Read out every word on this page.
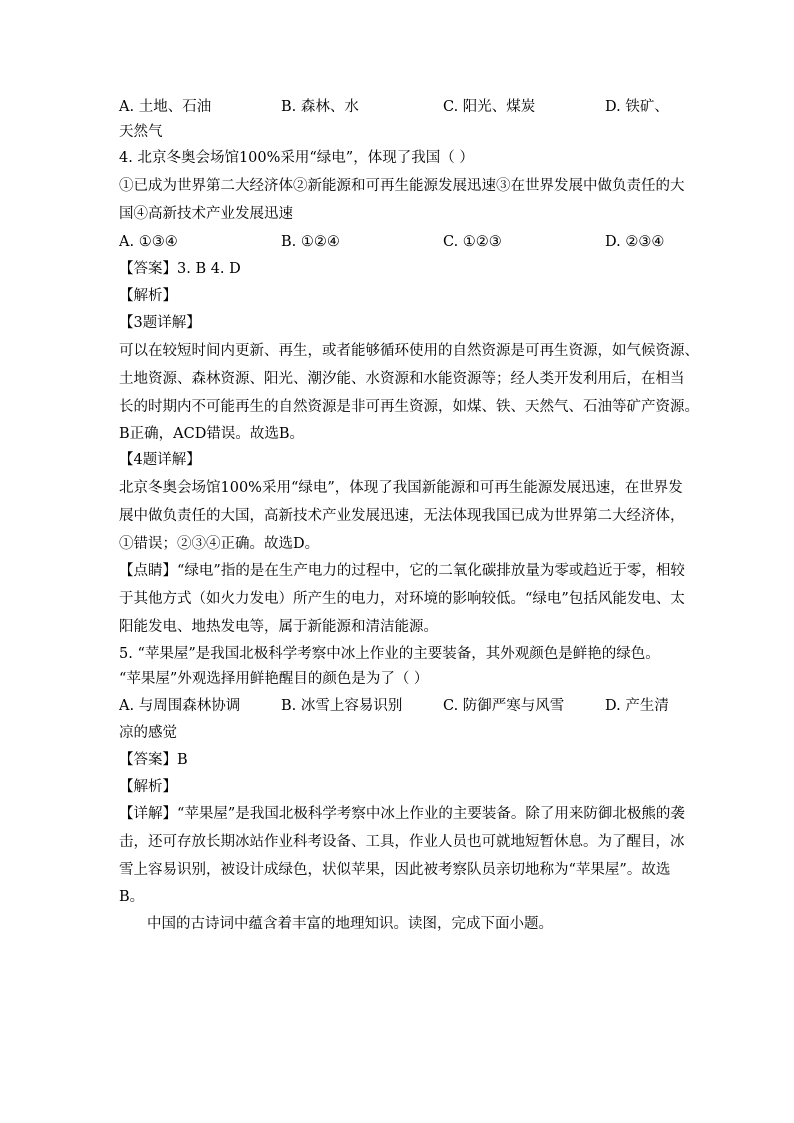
A. 土地、石油	B. 森林、水	C. 阳光、煤炭	D. 铁矿、
天然气
4. 北京冬奥会场馆100%采用“绿电”，体现了我国（ ）
①已成为世界第二大经济体②新能源和可再生能源发展迅速③在世界发展中做负责任的大
国④高新技术产业发展迅速
A. ①③④	B. ①②④	C. ①②③	D. ②③④
【答案】3. B 4. D
【解析】
【3题详解】
可以在较短时间内更新、再生，或者能够循环使用的自然资源是可再生资源，如气候资源、
土地资源、森林资源、阳光、潮汐能、水资源和水能资源等；经人类开发利用后，在相当
长的时期内不可能再生的自然资源是非可再生资源，如煤、铁、天然气、石油等矿产资源。
B正确，ACD错误。故选B。
【4题详解】
北京冬奥会场馆100%采用“绿电”，体现了我国新能源和可再生能源发展迅速，在世界发
展中做负责任的大国，高新技术产业发展迅速，无法体现我国已成为世界第二大经济体，
①错误；②③④正确。故选D。
【点睛】“绿电”指的是在生产电力的过程中，它的二氧化碳排放量为零或趋近于零，相较
于其他方式（如火力发电）所产生的电力，对环境的影响较低。“绿电”包括风能发电、太
阳能发电、地热发电等，属于新能源和清洁能源。
5. “苹果屋”是我国北极科学考察中冰上作业的主要装备，其外观颜色是鲜艳的绿色。
“苹果屋”外观选择用鲜艳醒目的颜色是为了（ ）
A. 与周围森林协调	B. 冰雪上容易识别	C. 防御严寒与风雪	D. 产生清
凉的感觉
【答案】B
【解析】
【详解】“苹果屋”是我国北极科学考察中冰上作业的主要装备。除了用来防御北极熊的袭
击，还可存放长期冰站作业科考设备、工具，作业人员也可就地短暂休息。为了醒目，冰
雪上容易识别，被设计成绿色，状似苹果，因此被考察队员亲切地称为“苹果屋”。故选
B。
中国的古诗词中蕴含着丰富的地理知识。读图，完成下面小题。
